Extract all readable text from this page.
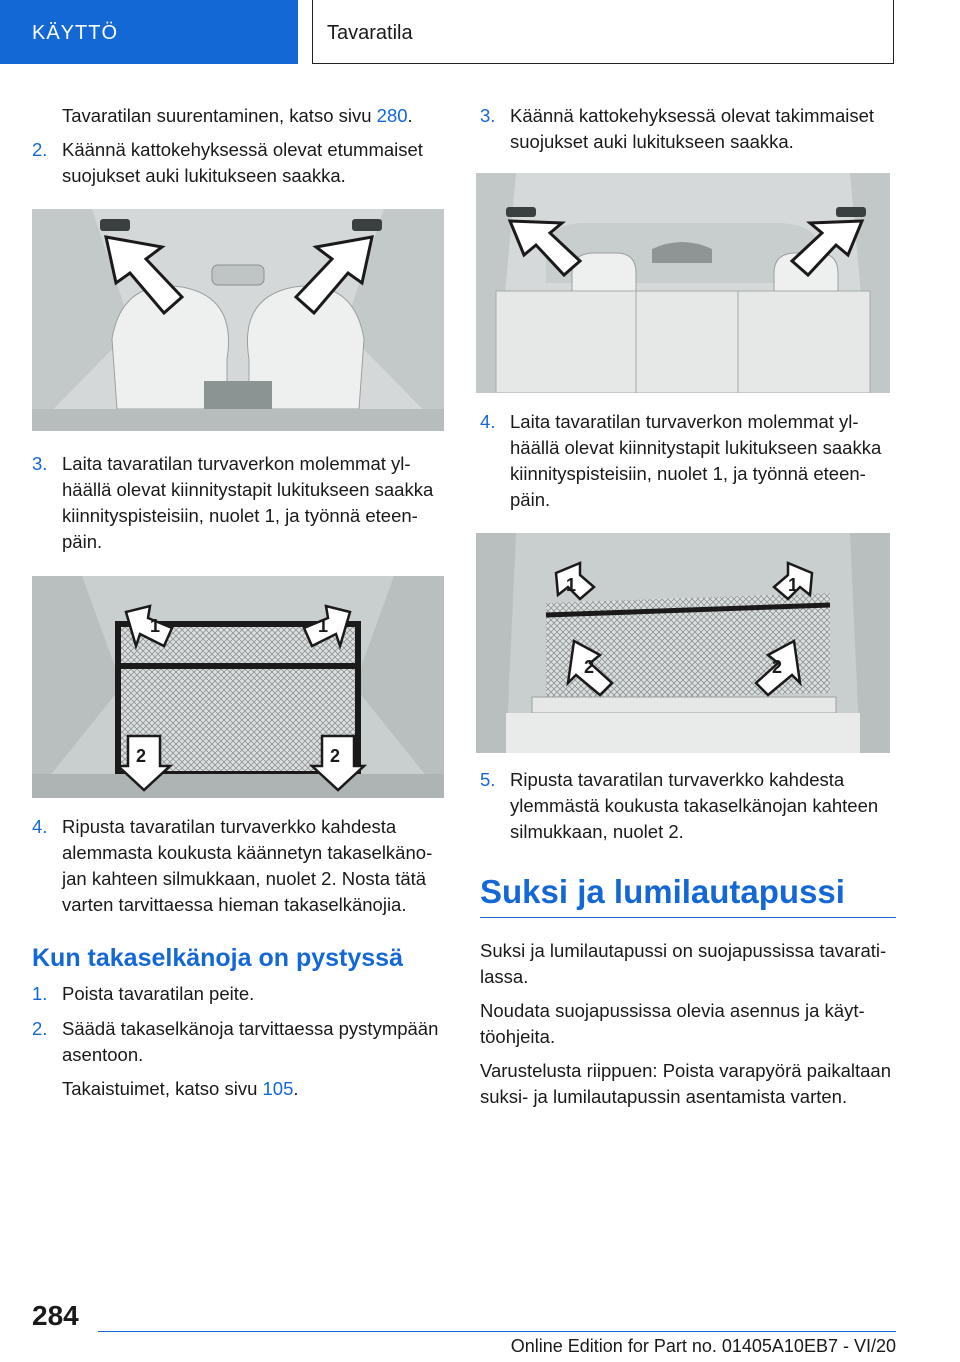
KÄYTTÖ	Tavaratila

Tavaratilan suurentaminen, katso sivu 280.

2. Käännä kattokehyksessä olevat etummaiset suojukset auki lukitukseen saakka.
3. Laita tavaratilan turvaverkon molemmat ylhäällä olevat kiinnitystapit lukitukseen saakka kiinnityspisteisiin, nuolet 1, ja työnnä eteenpäin.
1	1
2	2
4. Ripusta tavaratilan turvaverkko kahdesta alemmasta koukusta käännetyn takaselkänojan kahteen silmukkaan, nuolet 2. Nosta tätä varten tarvittaessa hieman takaselkänojia.
Kun takaselkänoja on pystyssä
1. Poista tavaratilan peite.
2. Säädä takaselkänoja tarvittaessa pystympään asentoon.

Takaistuimet, katso sivu 105.

3. Käännä kattokehyksessä olevat takimmaiset suojukset auki lukitukseen saakka.
4. Laita tavaratilan turvaverkon molemmat ylhäällä olevat kiinnitystapit lukitukseen saakka kiinnityspisteisiin, nuolet 1, ja työnnä eteenpäin.
1	1
2	2
5. Ripusta tavaratilan turvaverkko kahdesta ylemmästä koukusta takaselkänojan kahteen silmukkaan, nuolet 2.
Suksi ja lumilautapussi

Suksi ja lumilautapussi on suojapussissa tavaratilassa.

Noudata suojapussissa olevia asennus ja käyttöohjeita.

Varustelusta riippuen: Poista varapyörä paikaltaan suksi- ja lumilautapussin asentamista varten.

284
Online Edition for Part no. 01405A10EB7 - VI/20
